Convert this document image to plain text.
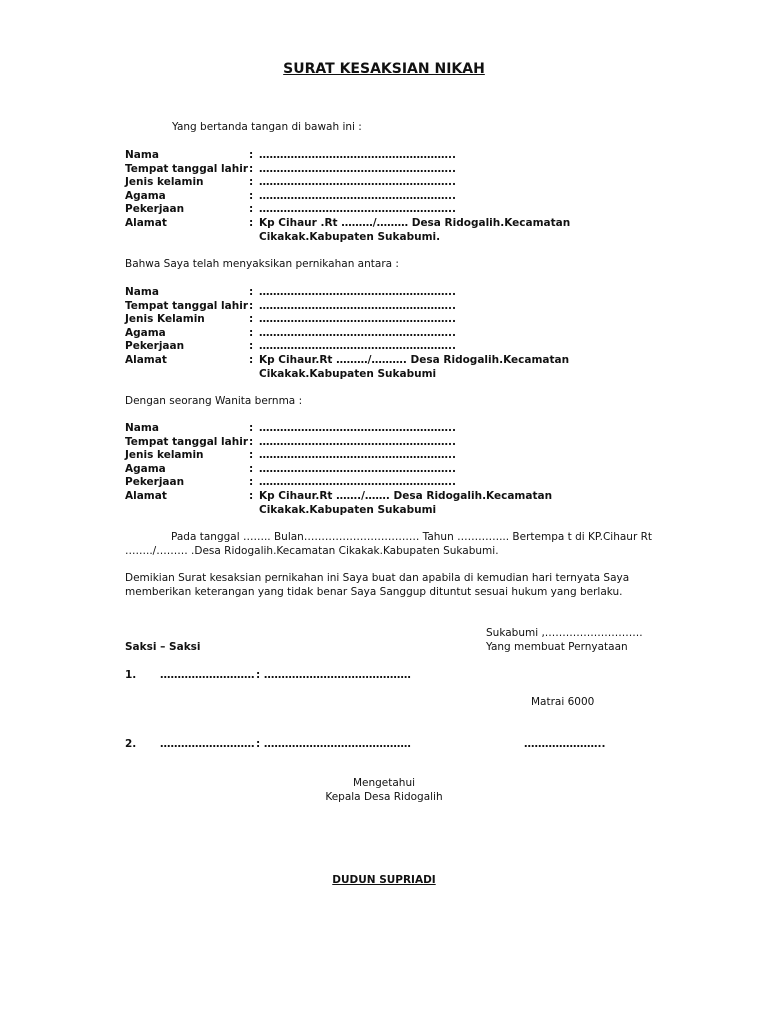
SURAT KESAKSIAN NIKAH
Yang bertanda tangan di bawah ini :
Nama	: ………………………………………………..
Tempat tanggal lahir : ………………………………………………..
Jenis kelamin	: ………………………………………………..
Agama	: ………………………………………………..
Pekerjaan	: ………………………………………………..
Alamat	: Kp Cihaur .Rt ………/……… Desa Ridogalih.Kecamatan Cikakak.Kabupaten Sukabumi.
Bahwa Saya telah menyaksikan pernikahan antara :
Nama	: ………………………………………………..
Tempat tanggal lahir : ………………………………………………..
Jenis Kelamin	: ………………………………………………..
Agama	: ………………………………………………..
Pekerjaan	: ………………………………………………..
Alamat	: Kp Cihaur.Rt ………/………. Desa Ridogalih.Kecamatan Cikakak.Kabupaten Sukabumi
Dengan seorang Wanita bernma :
Nama	: ………………………………………………..
Tempat tanggal lahir : ………………………………………………..
Jenis kelamin	: ………………………………………………..
Agama	: ………………………………………………..
Pekerjaan	: ………………………………………………..
Alamat	: Kp Cihaur.Rt ……./……. Desa Ridogalih.Kecamatan Cikakak.Kabupaten Sukabumi
Pada tanggal …….. Bulan…………………………… Tahun …………... Bertempa t di KP.Cihaur Rt ……../……… .Desa Ridogalih.Kecamatan Cikakak.Kabupaten Sukabumi.
Demikian Surat kesaksian pernikahan ini Saya buat dan apabila di kemudian hari ternyata Saya memberikan keterangan yang tidak benar Saya Sanggup dituntut sesuai hukum yang berlaku.
Sukabumi ,……………………….
Saksi – Saksi	Yang membuat Pernyataan
1. ……………………… : ……………………………………
Matrai 6000
2. ……………………… : ……………………………………	…………………..
Mengetahui
Kepala Desa Ridogalih
DUDUN SUPRIADI
